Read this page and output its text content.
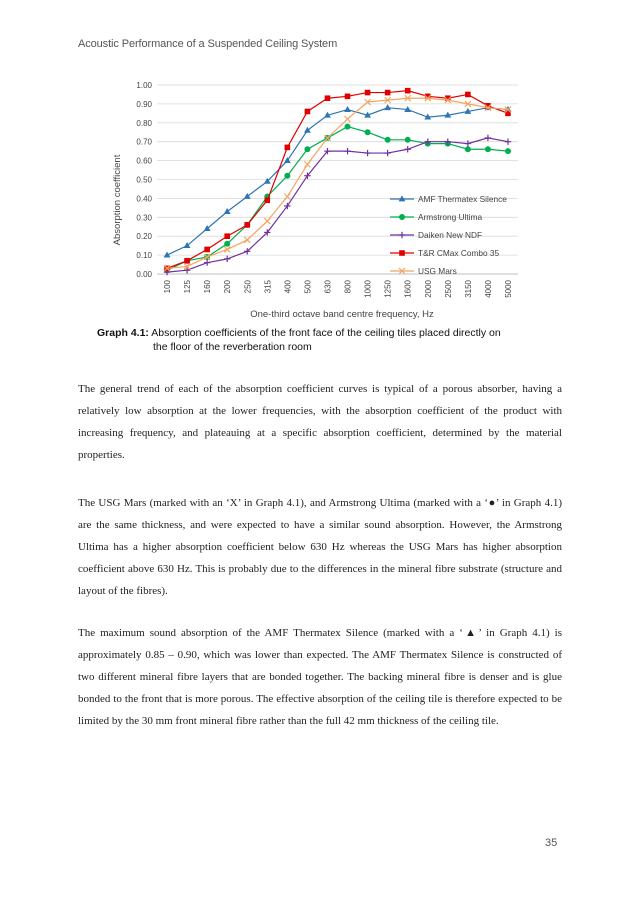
Acoustic Performance of a Suspended Ceiling System
0.00
0.10
0.20
0.30
0.40
0.50
0.60
0.70
0.80
0.90
1.00
100 125 160 200 250 315 400 500 630 800 1000 1250 1600 2000 2500 3150 4000 5000
AMF Thermatex Silence
Armstrong Ultima
Daiken New NDF
T&R CMax Combo 35
USG Mars
Absorption coefficient
One-third octave band centre frequency, Hz
Graph 4.1: Absorption coefficients of the front face of the ceiling tiles placed directly on
the floor of the reverberation room
The general trend of each of the absorption coefficient curves is typical of a porous absorber, having a relatively low absorption at the lower frequencies, with the absorption coefficient of the product with increasing frequency, and plateauing at a specific absorption coefficient, determined by the material properties.
The USG Mars (marked with an ‘X’ in Graph 4.1), and Armstrong Ultima (marked with a ‘●’ in Graph 4.1) are the same thickness, and were expected to have a similar sound absorption. However, the Armstrong Ultima has a higher absorption coefficient below 630 Hz whereas the USG Mars has higher absorption coefficient above 630 Hz. This is probably due to the differences in the mineral fibre substrate (structure and layout of the fibres).
The maximum sound absorption of the AMF Thermatex Silence (marked with a ‘▲’ in Graph 4.1) is approximately 0.85 – 0.90, which was lower than expected. The AMF Thermatex Silence is constructed of two different mineral fibre layers that are bonded together. The backing mineral fibre is denser and is glue bonded to the front that is more porous. The effective absorption of the ceiling tile is therefore expected to be limited by the 30 mm front mineral fibre rather than the full 42 mm thickness of the ceiling tile.
35
